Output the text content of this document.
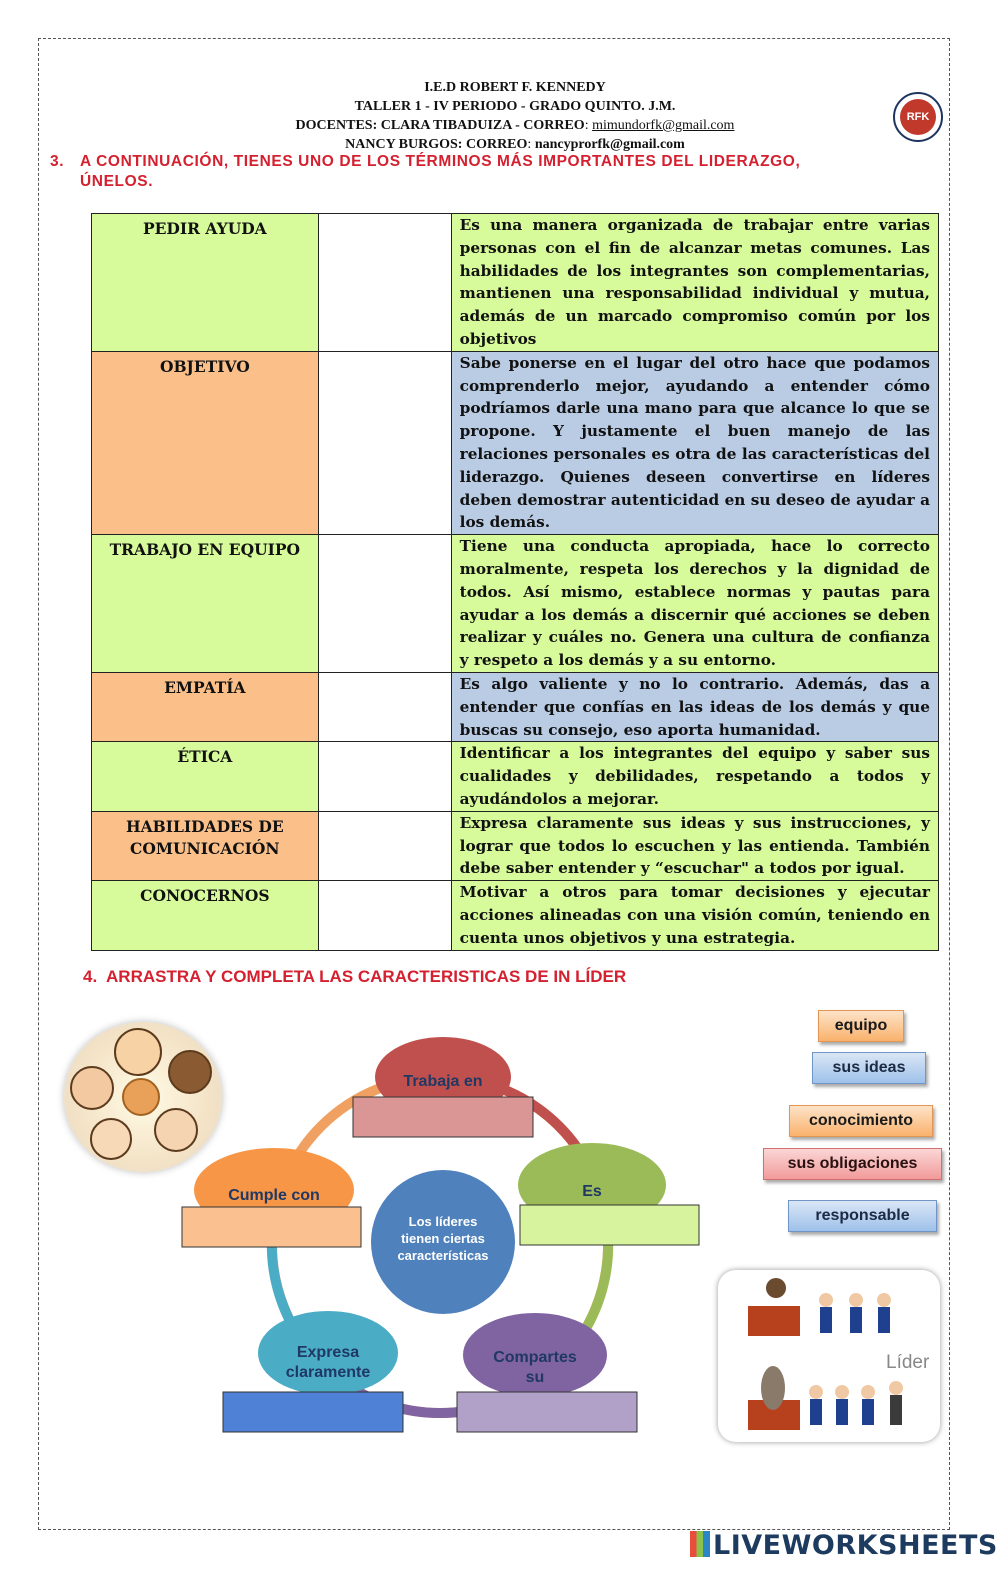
I.E.D ROBERT F. KENNEDY
TALLER 1 - IV PERIODO - GRADO QUINTO. J.M.
DOCENTES: CLARA TIBADUIZA - CORREO: mimundorfk@gmail.com
NANCY BURGOS: CORREO: nancyprorfk@gmail.com
RFK
3. A CONTINUACIÓN, TIENES UNO DE LOS TÉRMINOS MÁS IMPORTANTES DEL LIDERAZGO,
ÚNELOS.
PEDIR AYUDA		Es una manera organizada de trabajar entre varias personas con el fin de alcanzar metas comunes. Las habilidades de los integrantes son complementarias, mantienen una responsabilidad individual y mutua, además de un marcado compromiso común por los objetivos
OBJETIVO		Sabe ponerse en el lugar del otro hace que podamos comprenderlo mejor, ayudando a entender cómo podríamos darle una mano para que alcance lo que se propone. Y justamente el buen manejo de las relaciones personales es otra de las características del liderazgo. Quienes deseen convertirse en líderes deben demostrar autenticidad en su deseo de ayudar a los demás.
TRABAJO EN EQUIPO		Tiene una conducta apropiada, hace lo correcto moralmente, respeta los derechos y la dignidad de todos. Así mismo, establece normas y pautas para ayudar a los demás a discernir qué acciones se deben realizar y cuáles no. Genera una cultura de confianza y respeto a los demás y a su entorno.
EMPATÍA		Es algo valiente y no lo contrario. Además, das a entender que confías en las ideas de los demás y que buscas su consejo, eso aporta humanidad.
ÉTICA		Identificar a los integrantes del equipo y saber sus cualidades y debilidades, respetando a todos y ayudándolos a mejorar.

HABILIDADES DE
COMUNICACIÓN		Expresa claramente sus ideas y sus instrucciones, y lograr que todos lo escuchen y las entienda. También debe saber entender y “escuchar" a todos por igual.
CONOCERNOS		Motivar a otros para tomar decisiones y ejecutar acciones alineadas con una visión común, teniendo en cuenta unos objetivos y una estrategia.
4. ARRASTRA Y COMPLETA LAS CARACTERISTICAS DE IN LÍDER
Los líderes
tienen ciertas
características
Trabaja en
Es
Compartes
su
Expresa
claramente
Cumple con
equipo
sus ideas
conocimiento
sus obligaciones
responsable
Líder
LIVEWORKSHEETS
